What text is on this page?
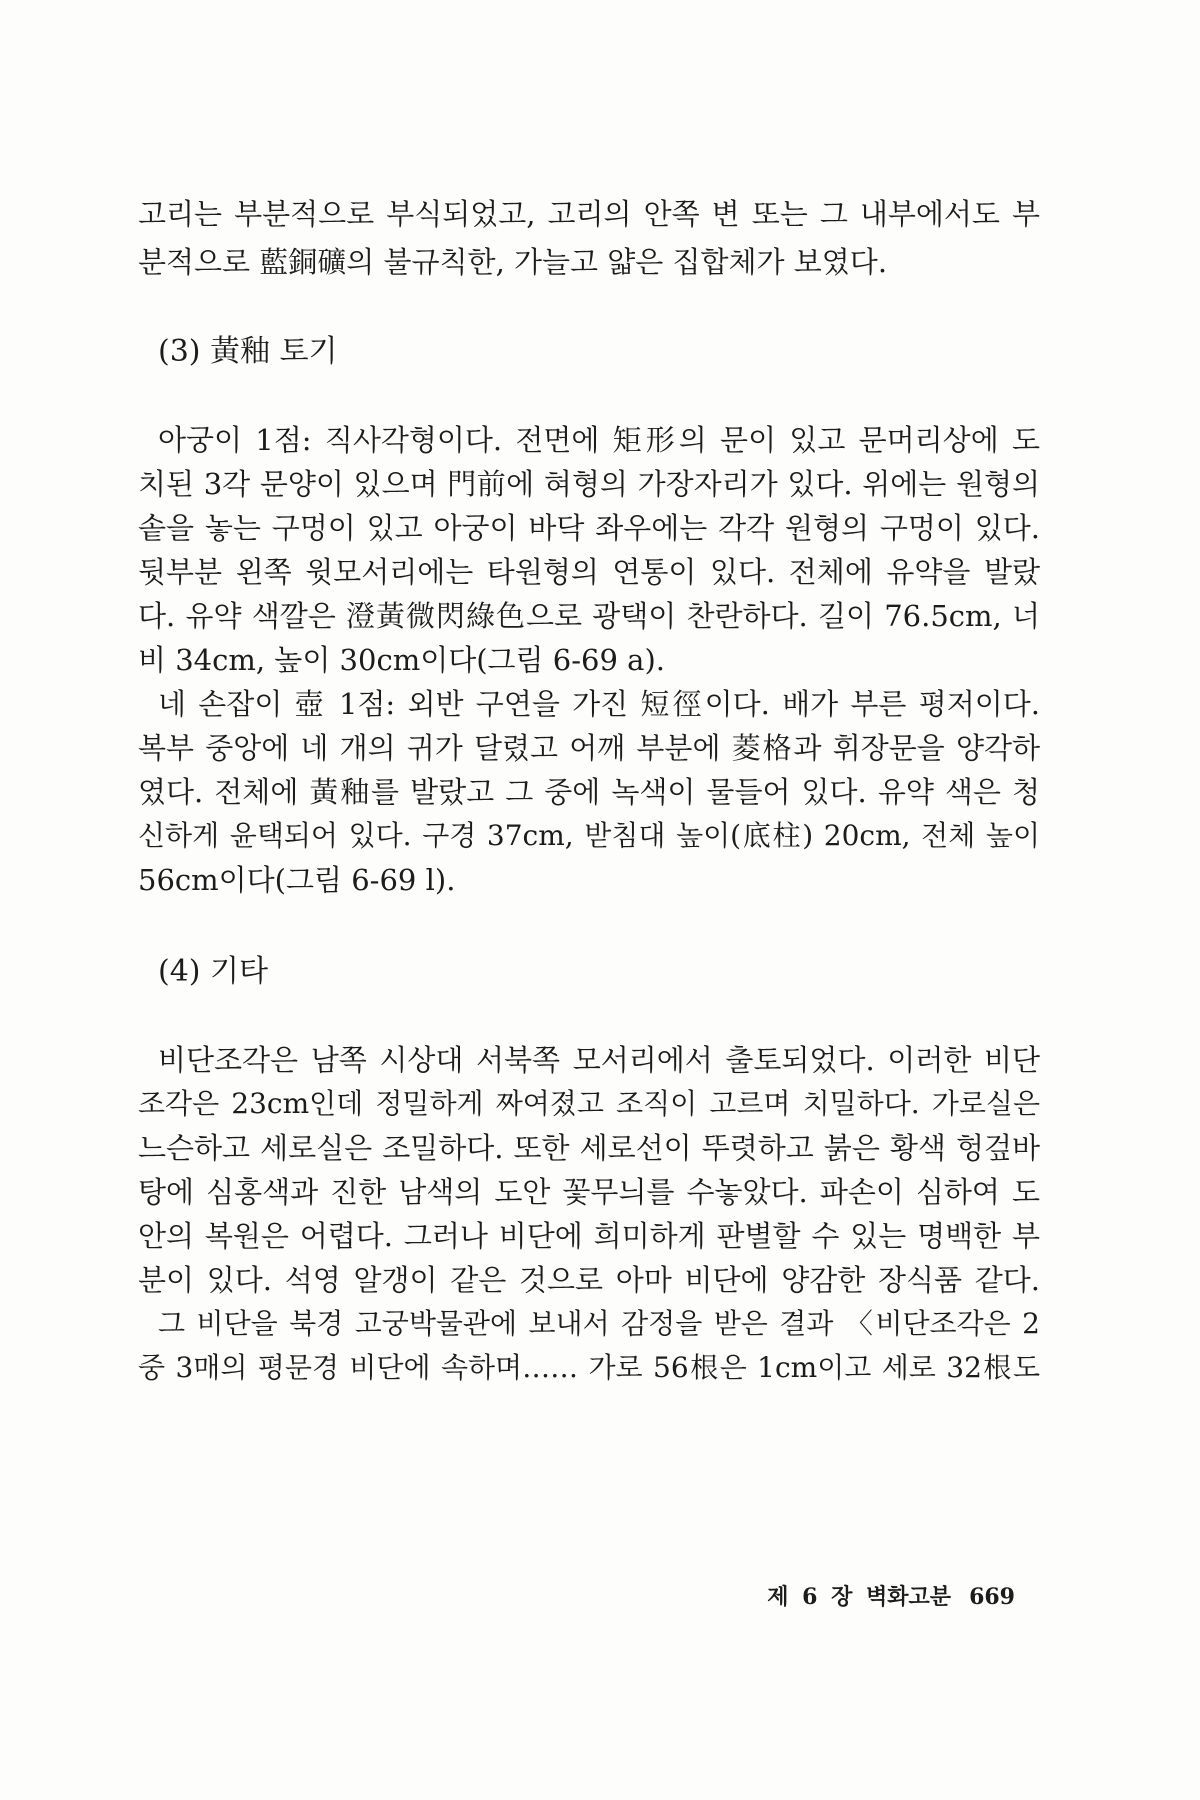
고리는 부분적으로 부식되었고, 고리의 안쪽 변 또는 그 내부에서도 부

분적으로 藍銅礦의 불규칙한, 가늘고 얇은 집합체가 보였다.

(3) 黃釉 토기

아궁이 1점: 직사각형이다. 전면에 矩形의 문이 있고 문머리상에 도

치된 3각 문양이 있으며 門前에 혀형의 가장자리가 있다. 위에는 원형의

솥을 놓는 구멍이 있고 아궁이 바닥 좌우에는 각각 원형의 구멍이 있다.

뒷부분 왼쪽 윗모서리에는 타원형의 연통이 있다. 전체에 유약을 발랐

다. 유약 색깔은 澄黃微閃綠色으로 광택이 찬란하다. 길이 76.5cm, 너

비 34cm, 높이 30cm이다(그림 6-69 a).

네 손잡이 壺 1점: 외반 구연을 가진 短徑이다. 배가 부른 평저이다.

복부 중앙에 네 개의 귀가 달렸고 어깨 부분에 菱格과 휘장문을 양각하

였다. 전체에 黃釉를 발랐고 그 중에 녹색이 물들어 있다. 유약 색은 청

신하게 윤택되어 있다. 구경 37cm, 받침대 높이(底柱) 20cm, 전체 높이

56cm이다(그림 6-69 l).

(4) 기타

비단조각은 남쪽 시상대 서북쪽 모서리에서 출토되었다. 이러한 비단

조각은 23cm인데 정밀하게 짜여졌고 조직이 고르며 치밀하다. 가로실은

느슨하고 세로실은 조밀하다. 또한 세로선이 뚜렷하고 붉은 황색 헝겊바

탕에 심홍색과 진한 남색의 도안 꽃무늬를 수놓았다. 파손이 심하여 도

안의 복원은 어렵다. 그러나 비단에 희미하게 판별할 수 있는 명백한 부

분이 있다. 석영 알갱이 같은 것으로 아마 비단에 양감한 장식품 같다.

그 비단을 북경 고궁박물관에 보내서 감정을 받은 결과 〈비단조각은 2

중 3매의 평문경 비단에 속하며…… 가로 56根은 1cm이고 세로 32根도

제 6 장 벽화고분 669
